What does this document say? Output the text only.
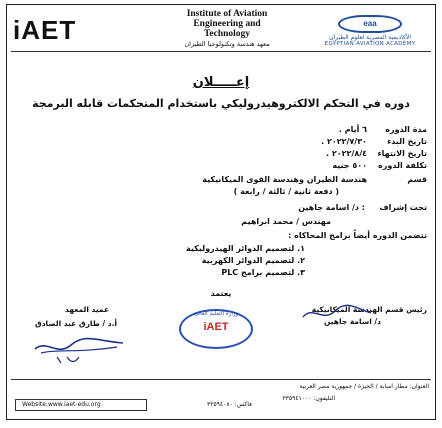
iAET
Institute of Aviation
Engineering and
Technology
معهد هندسة وتكنولوجيا الطيران
eaa
الأكاديمية المصرية لعلوم الطيران
EGYPTIAN AVIATION ACADEMY
إعـــــلان
دوره في التحكم الالكتروهيدروليكي باستخدام المتحكمات قابله البرمجة
مدة الدوره
٦ أيام .
تاريخ البدء
٢٠٢٢/٧/٣٠ .
تاريخ الانتهاء
٢٠٢٢/٨/٤ .
تكلفة الدوره
٥٠٠ جنيه
قسم
هندسة الطيران وهندسة القوى الميكانيكية
( دفعة ثانية / ثالثة / رابعة )
تحت إشراف
: د/ اسامة جاهين
مهندس / محمد ابراهيم
تتضمن الدوره أيضاً برامج المحاكاه :
١. لتصميم الدوائر الهيدروليكية
٢. لتصميم الدوائر الكهربية
٣. لتصميم برامج PLC
يعتمد
عميد المعهد
أ.د / طارق عبد الصادق
وزارة التعليم العالي
iAET
رئيس قسم الهندسة الميكانيكية
د/ اسامة جاهين
العنوان: مطار امبابة / الجيزة / جمهورية مصر العربية
التليفون: ٣٣٥٩٤١٠٠٠
فاكس: ٣٣٥٩٤٠٨٠
Website:www.iaet-edu.org
